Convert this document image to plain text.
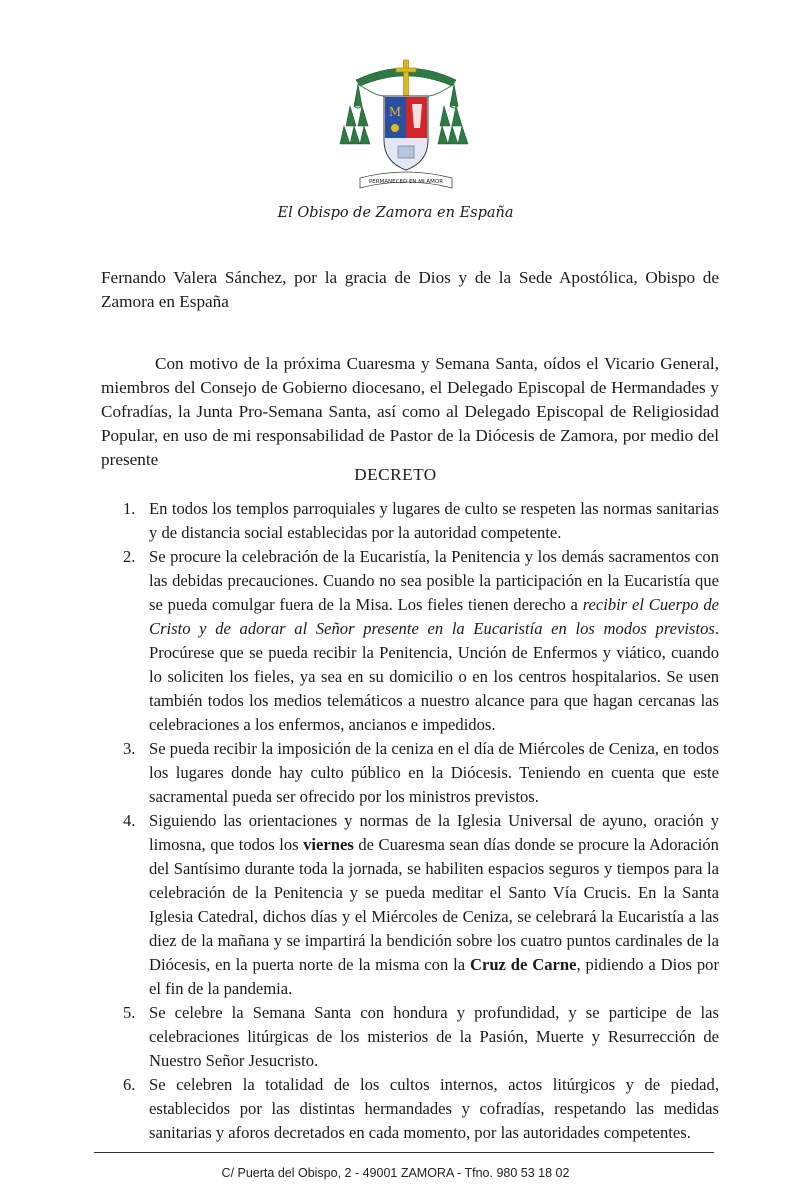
M
PERMANECED EN MI AMOR
El Obispo de Zamora en España

Fernando Valera Sánchez, por la gracia de Dios y de la Sede Apostólica, Obispo de Zamora en España

Con motivo de la próxima Cuaresma y Semana Santa, oídos el Vicario General, miembros del Consejo de Gobierno diocesano, el Delegado Episcopal de Hermandades y Cofradías, la Junta Pro-Semana Santa, así como al Delegado Episcopal de Religiosidad Popular, en uso de mi responsabilidad de Pastor de la Diócesis de Zamora, por medio del presente

DECRETO
1. En todos los templos parroquiales y lugares de culto se respeten las normas sanitarias y de distancia social establecidas por la autoridad competente.
2. Se procure la celebración de la Eucaristía, la Penitencia y los demás sacramentos con las debidas precauciones. Cuando no sea posible la participación en la Eucaristía que se pueda comulgar fuera de la Misa. Los fieles tienen derecho a recibir el Cuerpo de Cristo y de adorar al Señor presente en la Eucaristía en los modos previstos. Procúrese que se pueda recibir la Penitencia, Unción de Enfermos y viático, cuando lo soliciten los fieles, ya sea en su domicilio o en los centros hospitalarios. Se usen también todos los medios telemáticos a nuestro alcance para que hagan cercanas las celebraciones a los enfermos, ancianos e impedidos.
3. Se pueda recibir la imposición de la ceniza en el día de Miércoles de Ceniza, en todos los lugares donde hay culto público en la Diócesis. Teniendo en cuenta que este sacramental pueda ser ofrecido por los ministros previstos.
4. Siguiendo las orientaciones y normas de la Iglesia Universal de ayuno, oración y limosna, que todos los viernes de Cuaresma sean días donde se procure la Adoración del Santísimo durante toda la jornada, se habiliten espacios seguros y tiempos para la celebración de la Penitencia y se pueda meditar el Santo Vía Crucis. En la Santa Iglesia Catedral, dichos días y el Miércoles de Ceniza, se celebrará la Eucaristía a las diez de la mañana y se impartirá la bendición sobre los cuatro puntos cardinales de la Diócesis, en la puerta norte de la misma con la Cruz de Carne, pidiendo a Dios por el fin de la pandemia.
5. Se celebre la Semana Santa con hondura y profundidad, y se participe de las celebraciones litúrgicas de los misterios de la Pasión, Muerte y Resurrección de Nuestro Señor Jesucristo.
6. Se celebren la totalidad de los cultos internos, actos litúrgicos y de piedad, establecidos por las distintas hermandades y cofradías, respetando las medidas sanitarias y aforos decretados en cada momento, por las autoridades competentes.
C/ Puerta del Obispo, 2 - 49001 ZAMORA - Tfno. 980 53 18 02
